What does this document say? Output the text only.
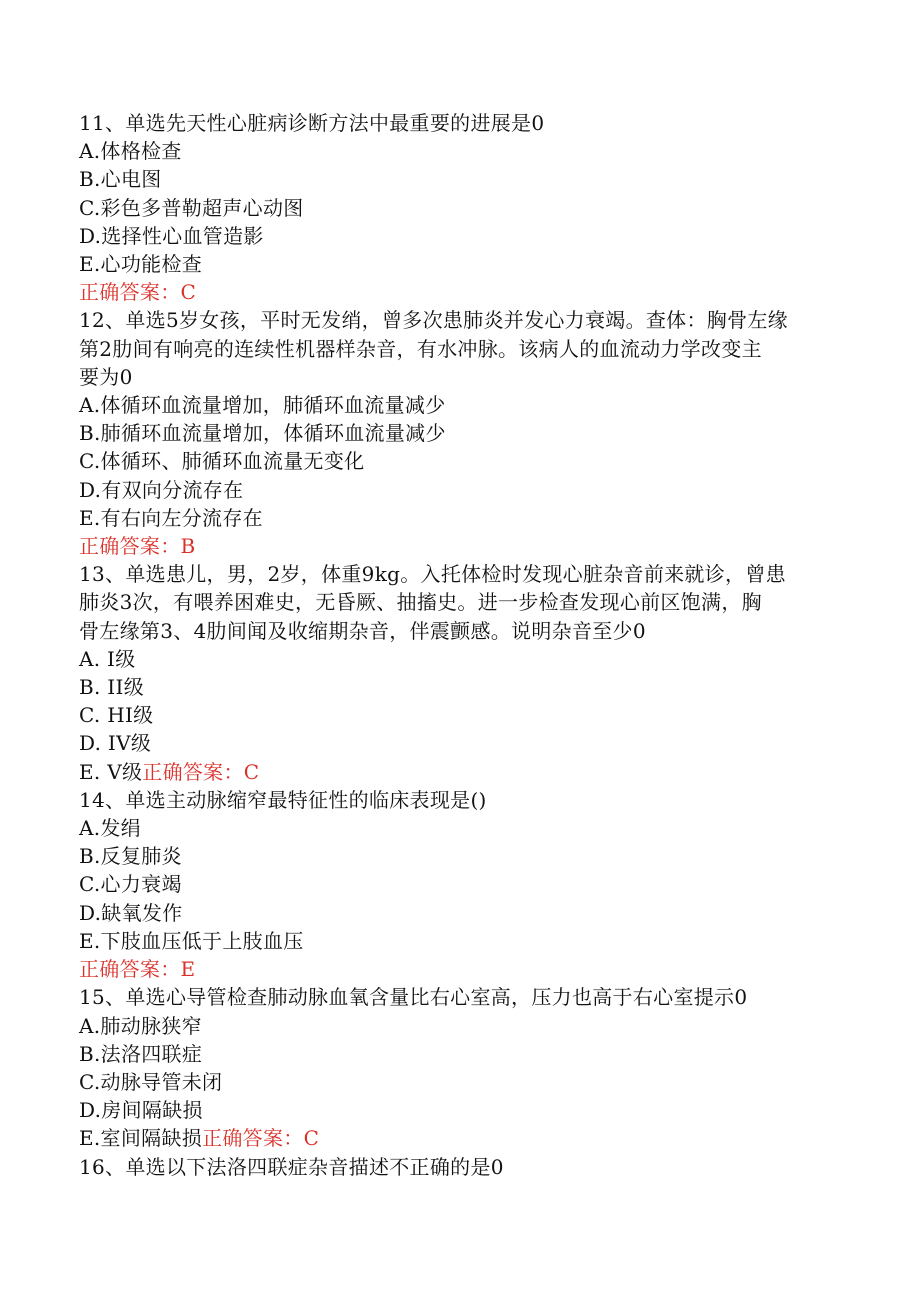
11、单选先天性心脏病诊断方法中最重要的进展是0
A.体格检查
B.心电图
C.彩色多普勒超声心动图
D.选择性心血管造影
E.心功能检查
正确答案：C
12、单选5岁女孩，平时无发绡，曾多次患肺炎并发心力衰竭。查体：胸骨左缘
第2肋间有响亮的连续性机器样杂音，有水冲脉。该病人的血流动力学改变主
要为0
A.体循环血流量增加，肺循环血流量减少
B.肺循环血流量增加，体循环血流量减少
C.体循环、肺循环血流量无变化
D.有双向分流存在
E.有右向左分流存在
正确答案：B
13、单选患儿，男，2岁，体重9kg。入托体检时发现心脏杂音前来就诊，曾患
肺炎3次，有喂养困难史，无昏厥、抽搐史。进一步检查发现心前区饱满，胸
骨左缘第3、4肋间闻及收缩期杂音，伴震颤感。说明杂音至少0
A. I级
B. II级
C. HI级
D. IV级
E. V级正确答案：C
14、单选主动脉缩窄最特征性的临床表现是()
A.发绢
B.反复肺炎
C.心力衰竭
D.缺氧发作
E.下肢血压低于上肢血压
正确答案：E
15、单选心导管检查肺动脉血氧含量比右心室高，压力也高于右心室提示0
A.肺动脉狭窄
B.法洛四联症
C.动脉导管未闭
D.房间隔缺损
E.室间隔缺损正确答案：C
16、单选以下法洛四联症杂音描述不正确的是0
